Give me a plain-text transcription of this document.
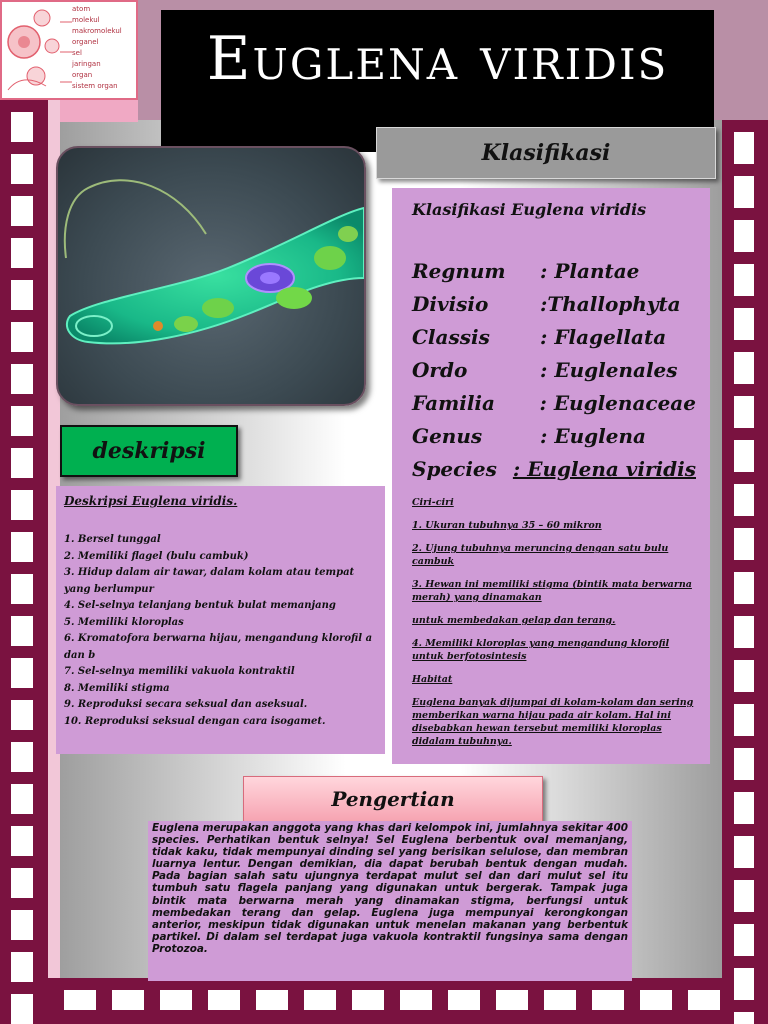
atom
molekul
makromolekul
organel
sel
jaringan
organ
sistem organ	Euglena viridis
Klasifikasi
Klasifikasi Euglena viridis
Regnum	: Plantae
Divisio	:Thallophyta
Classis	: Flagellata
Ordo	: Euglenales
Familia	: Euglenaceae
Genus	: Euglena
Species : Euglena viridis

Ciri-ciri

1. Ukuran tubuhnya 35 – 60 mikron

2. Ujung tubuhnya meruncing dengan satu bulu cambuk

3. Hewan ini memiliki stigma (bintik mata berwarna merah) yang dinamakan

untuk membedakan gelap dan terang.

4. Memiliki kloroplas yang mengandung klorofil untuk berfotosintesis

Habitat

Euglena banyak dijumpai di kolam-kolam dan sering memberikan warna hijau pada air kolam. Hal ini disebabkan hewan tersebut memiliki kloroplas didalam tubuhnya.

deskripsi
Deskripsi Euglena viridis.
1. Bersel tunggal
2. Memiliki flagel (bulu cambuk)
3. Hidup dalam air tawar, dalam kolam atau tempat yang berlumpur
4. Sel-selnya telanjang bentuk bulat memanjang
5. Memiliki kloroplas
6. Kromatofora berwarna hijau, mengandung klorofil a dan b
7. Sel-selnya memiliki vakuola kontraktil
8. Memiliki stigma
9. Reproduksi secara seksual dan aseksual.
10. Reproduksi seksual dengan cara isogamet.
Pengertian

Euglena merupakan anggota yang khas dari kelompok ini, jumlahnya sekitar 400 species. Perhatikan bentuk selnya! Sel Euglena berbentuk oval memanjang, tidak kaku, tidak mempunyai dinding sel yang berisikan selulose, dan membran luarnya lentur. Dengan demikian, dia dapat berubah bentuk dengan mudah. Pada bagian salah satu ujungnya terdapat mulut sel dan dari mulut sel itu tumbuh satu flagela panjang yang digunakan untuk bergerak. Tampak juga bintik mata berwarna merah yang dinamakan stigma, berfungsi untuk membedakan terang dan gelap. Euglena juga mempunyai kerongkongan anterior, meskipun tidak digunakan untuk menelan makanan yang berbentuk partikel. Di dalam sel terdapat juga vakuola kontraktil fungsinya sama dengan Protozoa.
